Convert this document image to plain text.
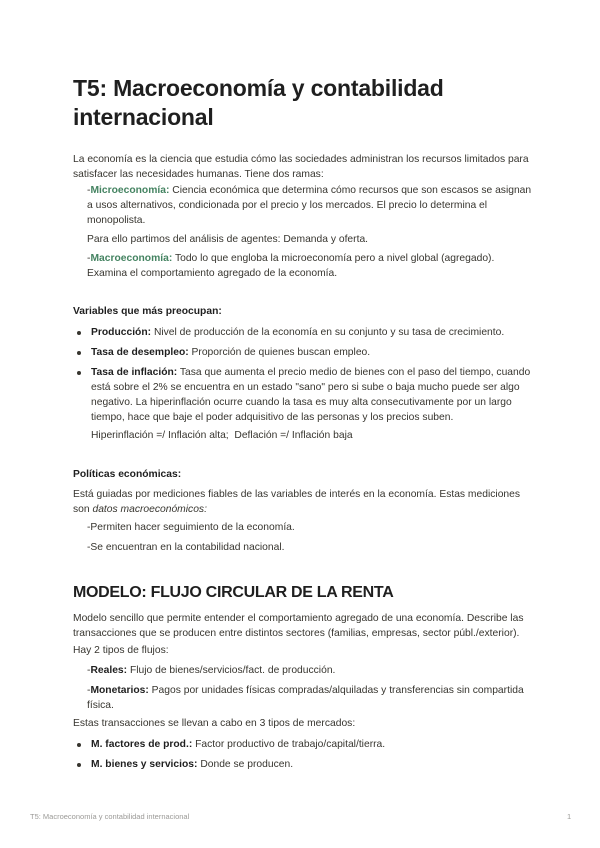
T5: Macroeconomía y contabilidad internacional

La economía es la ciencia que estudia cómo las sociedades administran los recursos limitados para satisfacer las necesidades humanas. Tiene dos ramas:

-Microeconomía: Ciencia económica que determina cómo recursos que son escasos se asignan a usos alternativos, condicionada por el precio y los mercados. El precio lo determina el monopolista.

Para ello partimos del análisis de agentes: Demanda y oferta.

-Macroeconomía: Todo lo que engloba la microeconomía pero a nivel global (agregado). Examina el comportamiento agregado de la economía.

Variables que más preocupan:

Producción: Nivel de producción de la economía en su conjunto y su tasa de crecimiento.
Tasa de desempleo: Proporción de quienes buscan empleo.
Tasa de inflación: Tasa que aumenta el precio medio de bienes con el paso del tiempo, cuando está sobre el 2% se encuentra en un estado "sano" pero si sube o baja mucho puede ser algo negativo. La hiperinflación ocurre cuando la tasa es muy alta consecutivamente por un largo tiempo, hace que baje el poder adquisitivo de las personas y los precios suben.

Hiperinflación =/ Inflación alta;  Deflación =/ Inflación baja

Políticas económicas:

Está guiadas por mediciones fiables de las variables de interés en la economía. Estas mediciones son datos macroeconómicos:

-Permiten hacer seguimiento de la economía.

-Se encuentran en la contabilidad nacional.

MODELO: FLUJO CIRCULAR DE LA RENTA

Modelo sencillo que permite entender el comportamiento agregado de una economía. Describe las transacciones que se producen entre distintos sectores (familias, empresas, sector públ./exterior).

Hay 2 tipos de flujos:

-Reales: Flujo de bienes/servicios/fact. de producción.

-Monetarios: Pagos por unidades físicas compradas/alquiladas y transferencias sin compartida física.

Estas transacciones se llevan a cabo en 3 tipos de mercados:

M. factores de prod.: Factor productivo de trabajo/capital/tierra.
M. bienes y servicios: Donde se producen.
T5: Macroeconomía y contabilidad internacional	1
